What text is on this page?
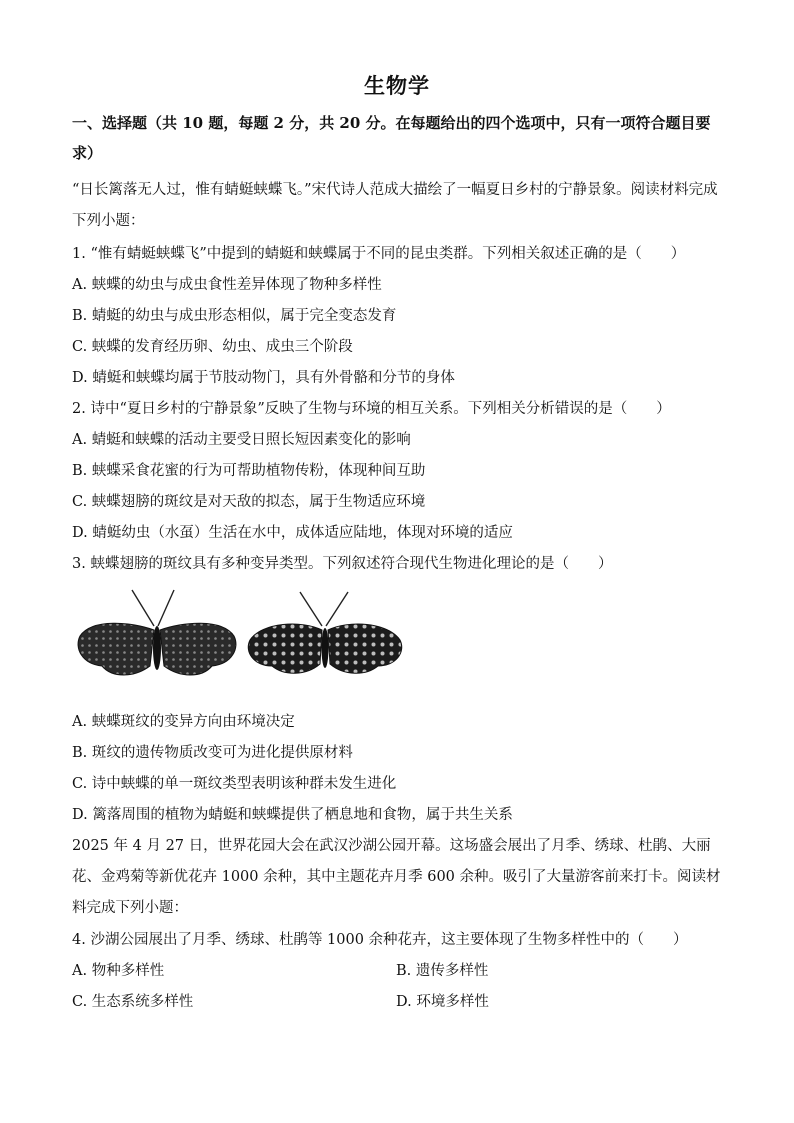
生物学
一、选择题（共 10 题，每题 2 分，共 20 分。在每题给出的四个选项中，只有一项符合题目要求）
“日长篱落无人过，惟有蜻蜓蛱蝶飞。”宋代诗人范成大描绘了一幅夏日乡村的宁静景象。阅读材料完成下列小题：
1. “惟有蜻蜓蛱蝶飞”中提到的蜻蜓和蛱蝶属于不同的昆虫类群。下列相关叙述正确的是（　　）
A. 蛱蝶的幼虫与成虫食性差异体现了物种多样性
B. 蜻蜓的幼虫与成虫形态相似，属于完全变态发育
C. 蛱蝶的发育经历卵、幼虫、成虫三个阶段
D. 蜻蜓和蛱蝶均属于节肢动物门，具有外骨骼和分节的身体
2. 诗中“夏日乡村的宁静景象”反映了生物与环境的相互关系。下列相关分析错误的是（　　）
A. 蜻蜓和蛱蝶的活动主要受日照长短因素变化的影响
B. 蛱蝶采食花蜜的行为可帮助植物传粉，体现种间互助
C. 蛱蝶翅膀的斑纹是对天敌的拟态，属于生物适应环境
D. 蜻蜓幼虫（水虿）生活在水中，成体适应陆地，体现对环境的适应
3. 蛱蝶翅膀的斑纹具有多种变异类型。下列叙述符合现代生物进化理论的是（　　）
A. 蛱蝶斑纹的变异方向由环境决定
B. 斑纹的遗传物质改变可为进化提供原材料
C. 诗中蛱蝶的单一斑纹类型表明该种群未发生进化
D. 篱落周围的植物为蜻蜓和蛱蝶提供了栖息地和食物，属于共生关系
2025 年 4 月 27 日，世界花园大会在武汉沙湖公园开幕。这场盛会展出了月季、绣球、杜鹃、大丽花、金鸡菊等新优花卉 1000 余种，其中主题花卉月季 600 余种。吸引了大量游客前来打卡。阅读材料完成下列小题：
4. 沙湖公园展出了月季、绣球、杜鹃等 1000 余种花卉，这主要体现了生物多样性中的（　　）
A. 物种多样性	B. 遗传多样性
C. 生态系统多样性	D. 环境多样性
